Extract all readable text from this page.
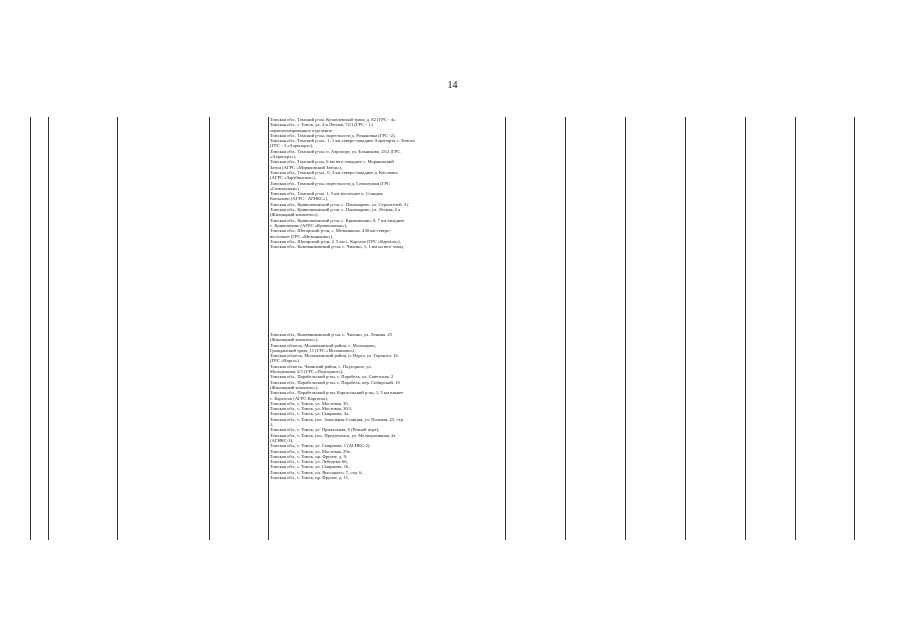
14
Томская обл., Томский р-он, Кузовлевский тракт, д. 82 (ГРС - 4»,
Томская обл., г. Томск, ул. 2-я Лесная, 72/1 (ГРС - 1,)
термоизолированное отделение.
Томская обл., Томский р-он, окрестности д. Романовка (ГРС -2),
Томская обл., Томский р-он., 1, 1 км северо-западнее Аэропорта с. Томска
(ГРС - 3 «Аэропорт»),
Томская обл., Томский р-он. п. Аэропорт, ул. Ельникова, 25/2 (ГРС
«Аэропорт»),
Томская обл., Томский р-он, 6 км юго-западнее с. Моряковский
Затон (АГРС «Моряковский Затон»),
Томская обл., Томский р-он , 0, 3 км северо-западнее д. Кисловка
(АГРС «Зарубинское»),
Томская обл., Томский р-он, окрестности д. Семилужки (ГРС
«Семилужки»),
Томская обл., Томский р-он. 1, 5 км восточнее п. Станция
Копылово (АГРС - АГНКС»),
Томская обл., Кривошеинский р-он, с. Пономарево, ул. Строителей, 3 (
Томская обл., Кривошеинский р-он, с. Пономарево, ул. Лесная, 2 а
(Жилищный комплекс»),
Томская обл., Кривошеинский р-он, с. Кривошеино, 0, 7 км западнее
с. Кривошеино (АГРС «Кривошеино»),
Томская обл., Шегарский р-он, с. Мельниково, 430 км северо-
восточнее (ГРС «Мельниково»),
Томская обл., Шегарский р-он, 2, 5 км с. Каргала (ГРС «Каргала»),
Томская обл., Кожевниковский р-он, с. Чилино, 1, 1 км на юго-запад
Томская обл., Кожевниковский р-он, с. Чилино, ул. Ленина, 25
(Жилищный комплекс»),
Томская область, Молчановский район, с. Молчаново,
Гражданский тракт, 11 (ГРС «Молчаново»),
Томская область, Молчановский район, п. Нарга, ул. Горького, 16
(ГРС «Нарга»),
Томская область, Чаинский район, с. Подгорное, ул.
Молодежная, 2/1 (ГРС «Подгорное»),
Томская обл., Парабельский р-он, с. Парабель, ул. Советская, 2
Томская обл., Парабельский р-он, с. Парабель, пер. Сибирский, 10
(Жилищный комплекс»),
Томская обл., Парабельский р-он, Каргасокский р-он, 1, 5 км южнее
с. Каргасок (АГРС Каргасок),
Томская обл., г. Томск, ул. Мостовая, 30,
Томская обл., г. Томск, ул. Мостовая, 30/1,
Томская обл., г. Томск, ул. Смирнова, 3а,
Томская обл., г. Томск, пос. Зональная Станция, ул. Полевая, 25, стр.
1,
Томская обл., г. Томск, ул. Причальная, 6 (Речной порт),
Томская обл., г. Томск, пос. Предтеченск, ул. Мелиоративная, 2а
(АГНКС-1),
Томская обл., г. Томск, ул. Смирнова, 1 (АГНКС-2),
Томская обл., г. Томск, ул. Мостовая, 29а,
Томская обл., г. Томск, пр. Фрунзе, д. 9,
Томская обл., г. Томск, ул. Лебедева, 66,
Томская обл., г. Томск, ул. Смирнова, 16,
Томская обл., г. Томск, пл. Высоцкого, 7, стр. 6,
Томская обл., г. Томск, пр. Фрунзе, д. 11,
